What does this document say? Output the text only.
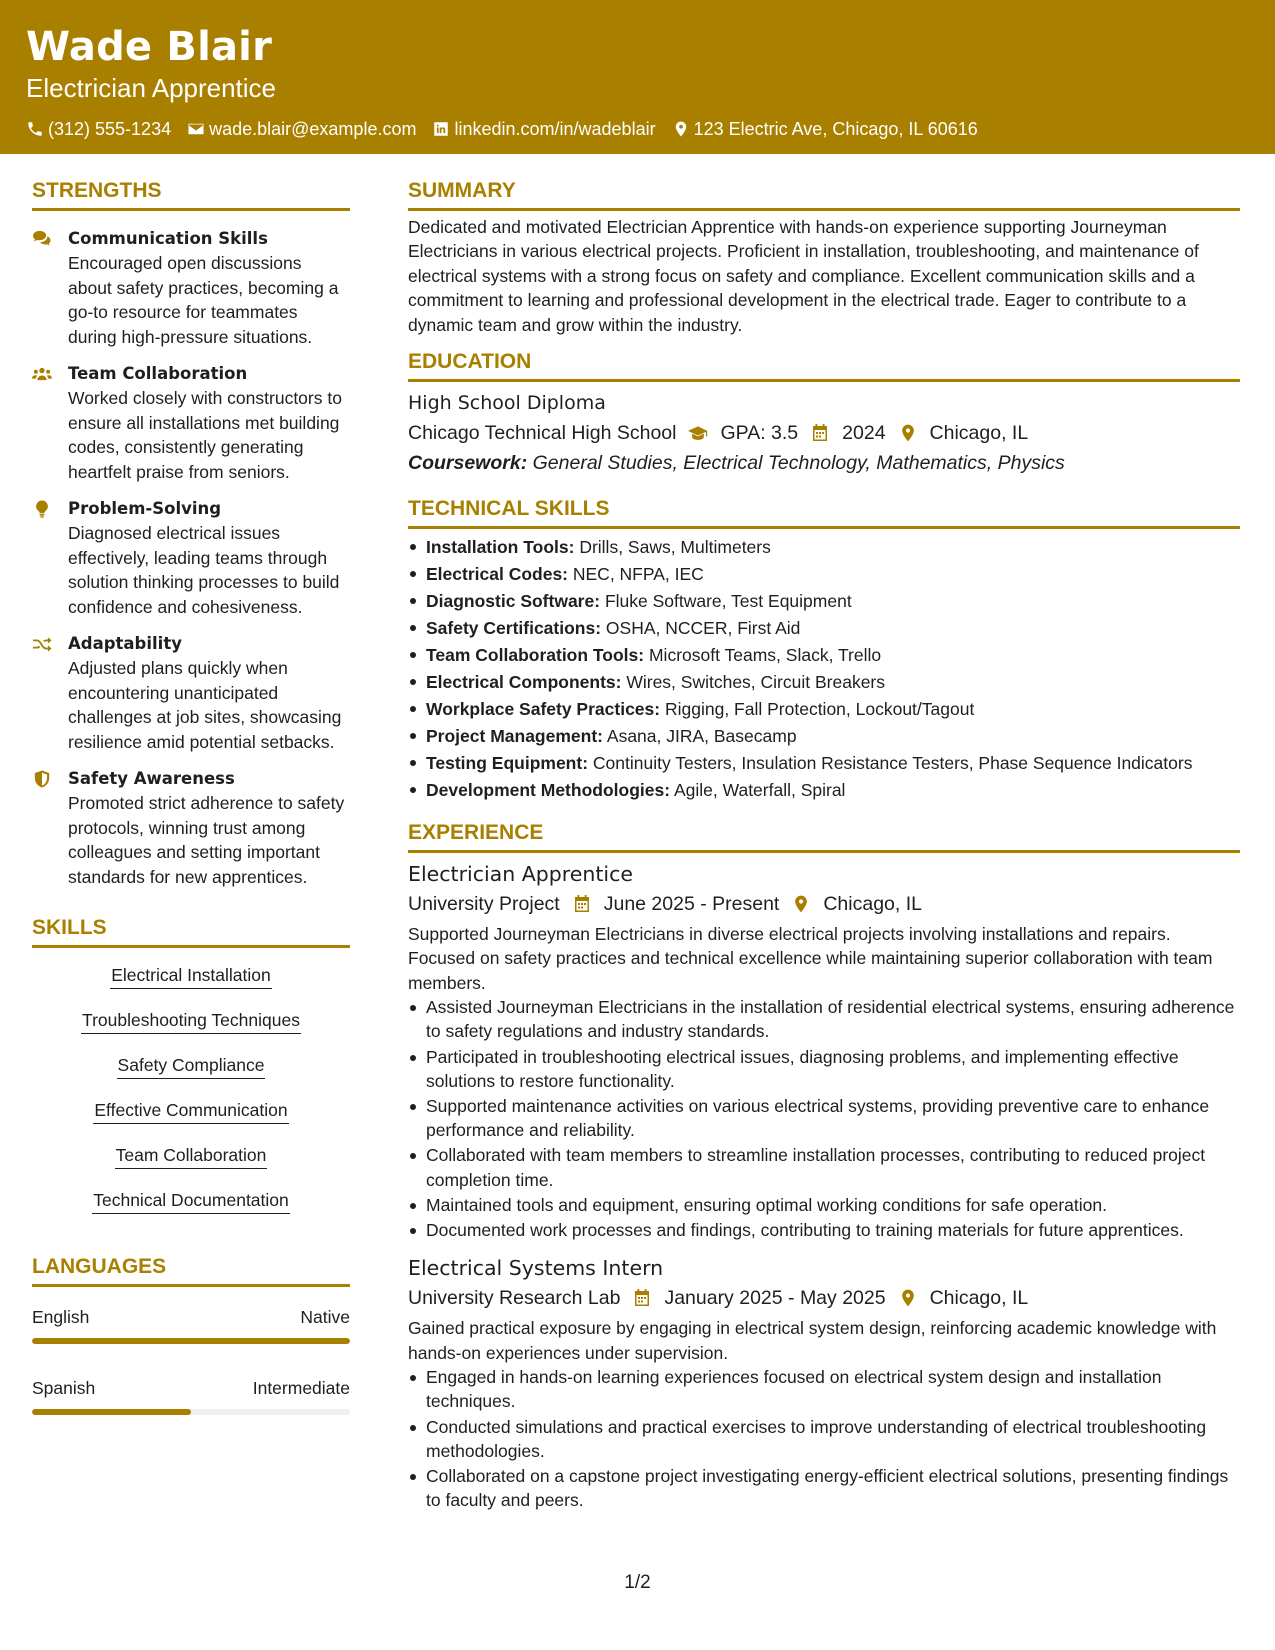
Wade Blair
Electrician Apprentice
(312) 555-1234 wade.blair@example.com linkedin.com/in/wadeblair 123 Electric Ave, Chicago, IL 60616
STRENGTHS
Communication Skills
Encouraged open discussions about safety practices, becoming a go-to resource for teammates during high-pressure situations.
Team Collaboration
Worked closely with constructors to ensure all installations met building codes, consistently generating heartfelt praise from seniors.
Problem-Solving
Diagnosed electrical issues effectively, leading teams through solution thinking processes to build confidence and cohesiveness.
Adaptability
Adjusted plans quickly when encountering unanticipated challenges at job sites, showcasing resilience amid potential setbacks.
Safety Awareness
Promoted strict adherence to safety protocols, winning trust among colleagues and setting important standards for new apprentices.
SKILLS
Electrical Installation
Troubleshooting Techniques
Safety Compliance
Effective Communication
Team Collaboration
Technical Documentation
LANGUAGES
English	Native
Spanish	Intermediate
SUMMARY
Dedicated and motivated Electrician Apprentice with hands-on experience supporting Journeyman Electricians in various electrical projects. Proficient in installation, troubleshooting, and maintenance of electrical systems with a strong focus on safety and compliance. Excellent communication skills and a commitment to learning and professional development in the electrical trade. Eager to contribute to a dynamic team and grow within the industry.
EDUCATION
High School Diploma
Chicago Technical High School GPA: 3.5 2024 Chicago, IL
Coursework: General Studies, Electrical Technology, Mathematics, Physics
TECHNICAL SKILLS
Installation Tools: Drills, Saws, Multimeters
Electrical Codes: NEC, NFPA, IEC
Diagnostic Software: Fluke Software, Test Equipment
Safety Certifications: OSHA, NCCER, First Aid
Team Collaboration Tools: Microsoft Teams, Slack, Trello
Electrical Components: Wires, Switches, Circuit Breakers
Workplace Safety Practices: Rigging, Fall Protection, Lockout/Tagout
Project Management: Asana, JIRA, Basecamp
Testing Equipment: Continuity Testers, Insulation Resistance Testers, Phase Sequence Indicators
Development Methodologies: Agile, Waterfall, Spiral
EXPERIENCE
Electrician Apprentice
University Project June 2025 - Present Chicago, IL
Supported Journeyman Electricians in diverse electrical projects involving installations and repairs. Focused on safety practices and technical excellence while maintaining superior collaboration with team members.
Assisted Journeyman Electricians in the installation of residential electrical systems, ensuring adherence to safety regulations and industry standards.
Participated in troubleshooting electrical issues, diagnosing problems, and implementing effective solutions to restore functionality.
Supported maintenance activities on various electrical systems, providing preventive care to enhance performance and reliability.
Collaborated with team members to streamline installation processes, contributing to reduced project completion time.
Maintained tools and equipment, ensuring optimal working conditions for safe operation.
Documented work processes and findings, contributing to training materials for future apprentices.
Electrical Systems Intern
University Research Lab January 2025 - May 2025 Chicago, IL
Gained practical exposure by engaging in electrical system design, reinforcing academic knowledge with hands-on experiences under supervision.
Engaged in hands-on learning experiences focused on electrical system design and installation techniques.
Conducted simulations and practical exercises to improve understanding of electrical troubleshooting methodologies.
Collaborated on a capstone project investigating energy-efficient electrical solutions, presenting findings to faculty and peers.
1/2
